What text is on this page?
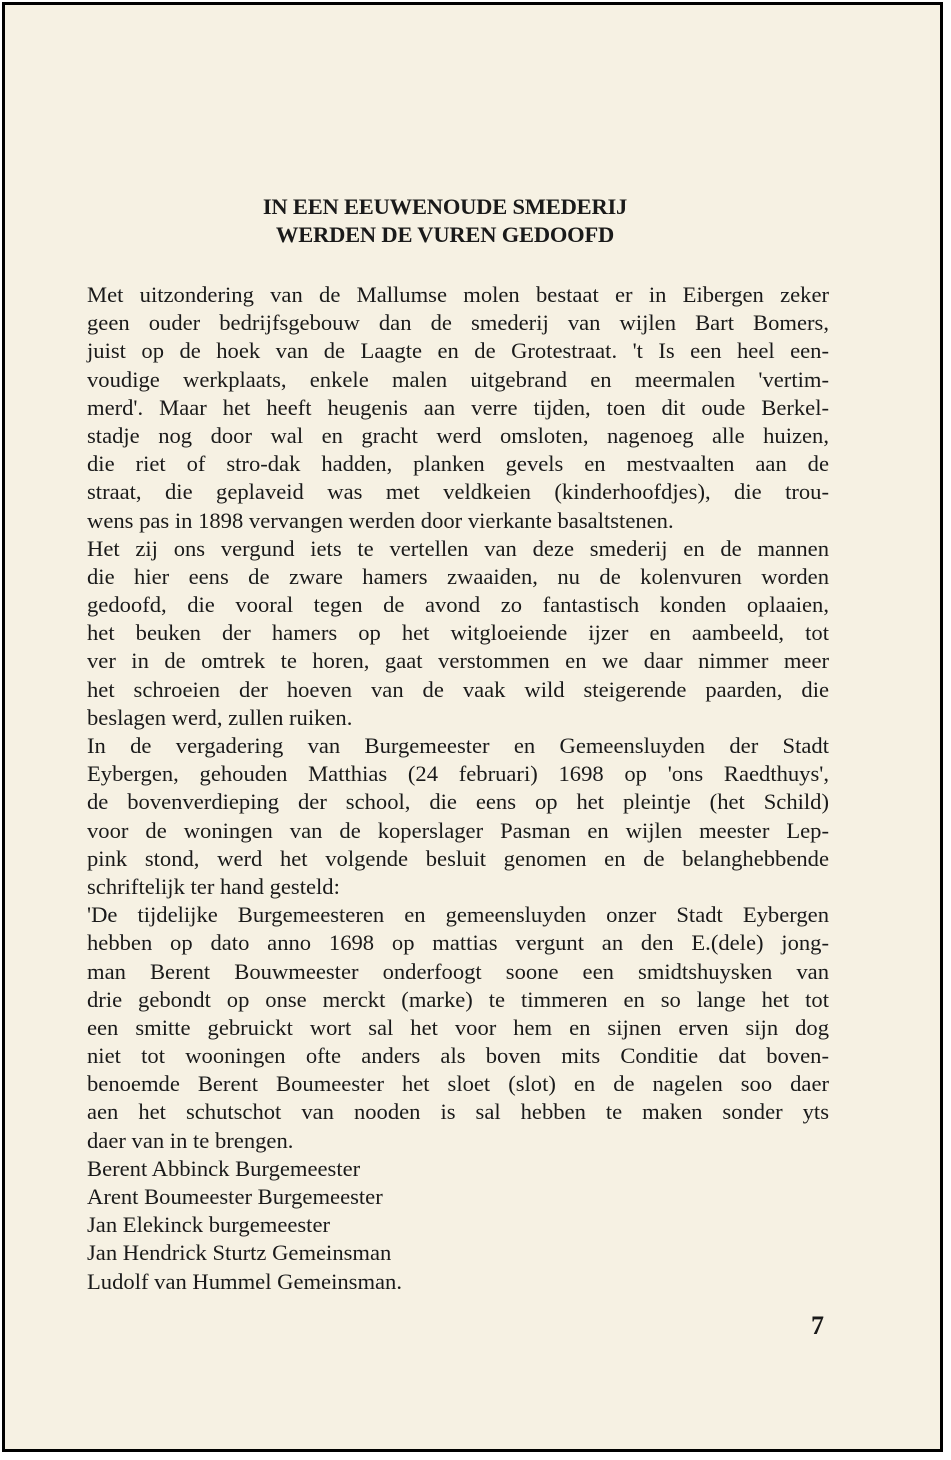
IN EEN EEUWENOUDE SMEDERIJ
WERDEN DE VUREN GEDOOFD
Met uitzondering van de Mallumse molen bestaat er in Eibergen zeker
geen ouder bedrijfsgebouw dan de smederij van wijlen Bart Bomers,
juist op de hoek van de Laagte en de Grotestraat. 't Is een heel een-
voudige werkplaats, enkele malen uitgebrand en meermalen 'vertim-
merd'. Maar het heeft heugenis aan verre tijden, toen dit oude Berkel-
stadje nog door wal en gracht werd omsloten, nagenoeg alle huizen,
die riet of stro-dak hadden, planken gevels en mestvaalten aan de
straat, die geplaveid was met veldkeien (kinderhoofdjes), die trou-
wens pas in 1898 vervangen werden door vierkante basaltstenen.
Het zij ons vergund iets te vertellen van deze smederij en de mannen
die hier eens de zware hamers zwaaiden, nu de kolenvuren worden
gedoofd, die vooral tegen de avond zo fantastisch konden oplaaien,
het beuken der hamers op het witgloeiende ijzer en aambeeld, tot
ver in de omtrek te horen, gaat verstommen en we daar nimmer meer
het schroeien der hoeven van de vaak wild steigerende paarden, die
beslagen werd, zullen ruiken.
In de vergadering van Burgemeester en Gemeensluyden der Stadt
Eybergen, gehouden Matthias (24 februari) 1698 op 'ons Raedthuys',
de bovenverdieping der school, die eens op het pleintje (het Schild)
voor de woningen van de koperslager Pasman en wijlen meester Lep-
pink stond, werd het volgende besluit genomen en de belanghebbende
schriftelijk ter hand gesteld:
'De tijdelijke Burgemeesteren en gemeensluyden onzer Stadt Eybergen
hebben op dato anno 1698 op mattias vergunt an den E.(dele) jong-
man Berent Bouwmeester onderfoogt soone een smidtshuysken van
drie gebondt op onse merckt (marke) te timmeren en so lange het tot
een smitte gebruickt wort sal het voor hem en sijnen erven sijn dog
niet tot wooningen ofte anders als boven mits Conditie dat boven-
benoemde Berent Boumeester het sloet (slot) en de nagelen soo daer
aen het schutschot van nooden is sal hebben te maken sonder yts
daer van in te brengen.
Berent Abbinck Burgemeester
Arent Boumeester Burgemeester
Jan Elekinck burgemeester
Jan Hendrick Sturtz Gemeinsman
Ludolf van Hummel Gemeinsman.
7
